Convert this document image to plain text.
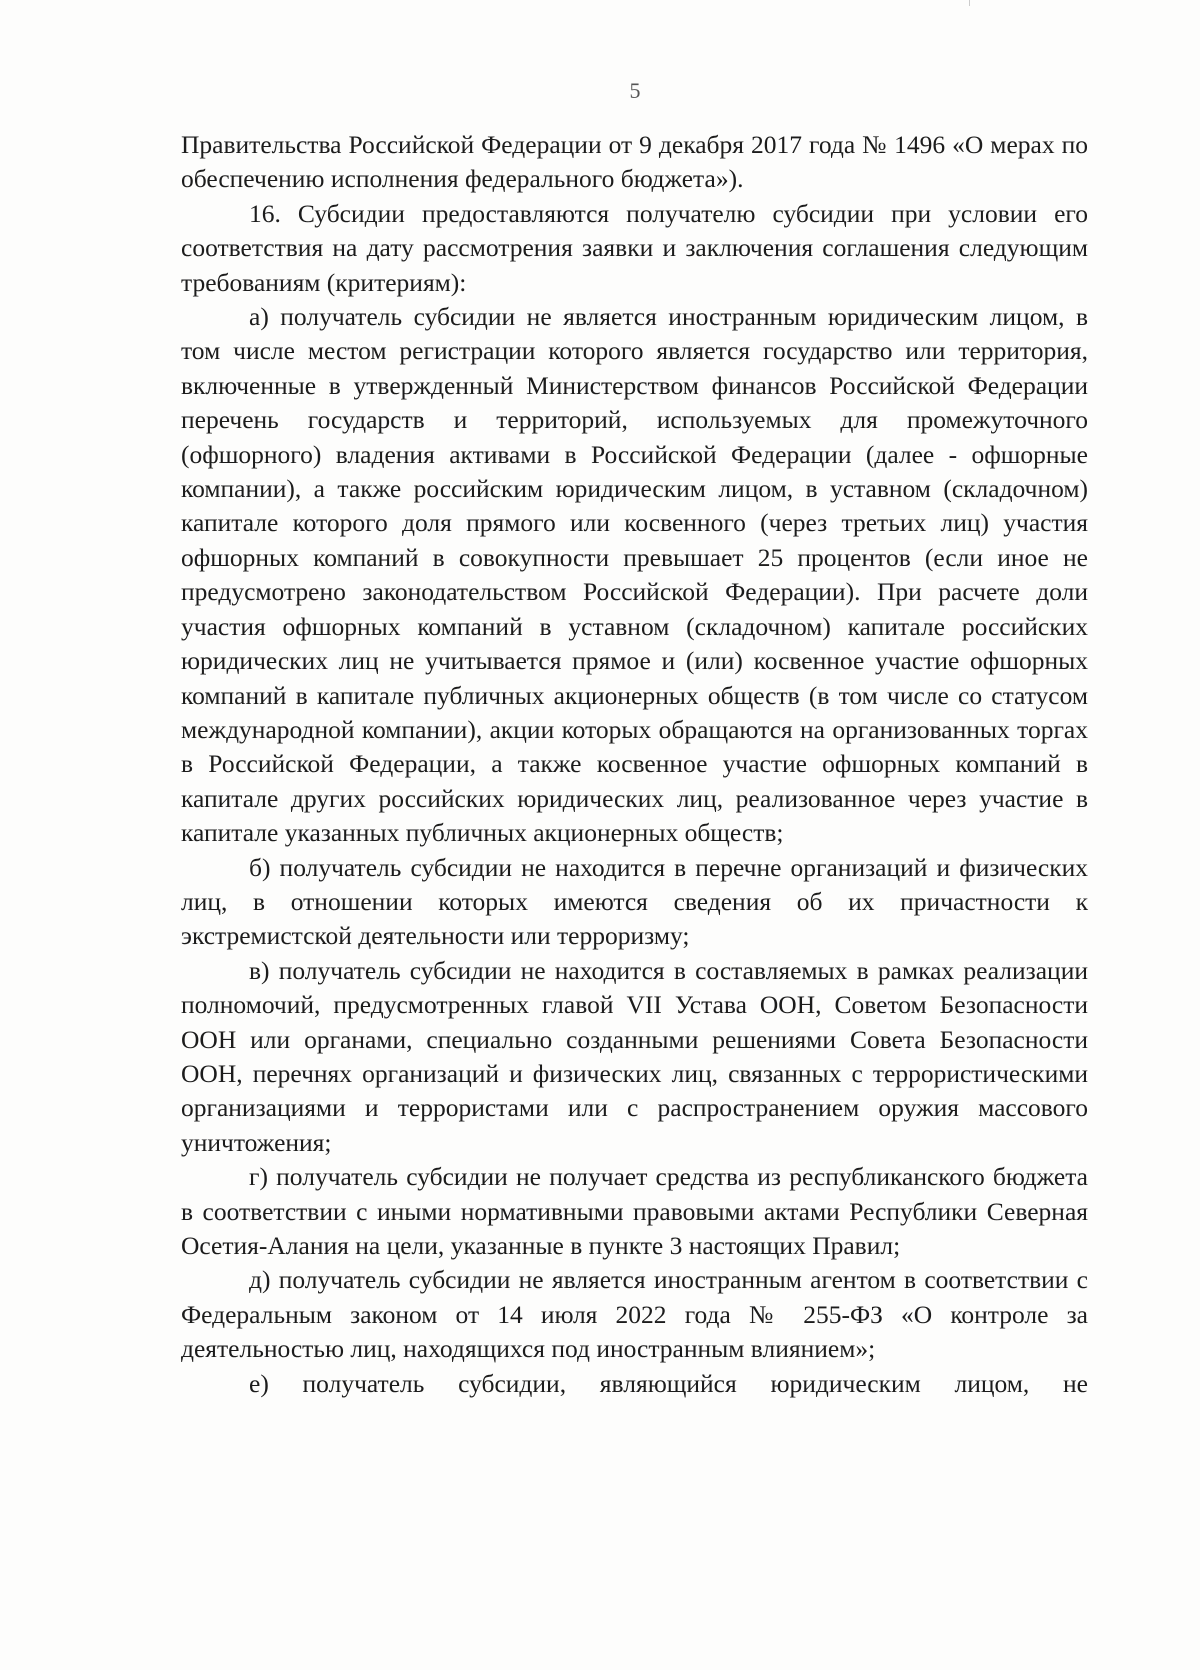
5

Правительства Российской Федерации от 9 декабря 2017 года № 1496 «О мерах по обеспечению исполнения федерального бюджета»).

16. Субсидии предоставляются получателю субсидии при условии его соответствия на дату рассмотрения заявки и заключения соглашения следующим требованиям (критериям):

а) получатель субсидии не является иностранным юридическим лицом, в том числе местом регистрации которого является государство или территория, включенные в утвержденный Министерством финансов Российской Федерации перечень государств и территорий, используемых для промежуточного (офшорного) владения активами в Российской Федерации (далее - офшорные компании), а также российским юридическим лицом, в уставном (складочном) капитале которого доля прямого или косвенного (через третьих лиц) участия офшорных компаний в совокупности превышает 25 процентов (если иное не предусмотрено законодательством Российской Федерации). При расчете доли участия офшорных компаний в уставном (складочном) капитале российских юридических лиц не учитывается прямое и (или) косвенное участие офшорных компаний в капитале публичных акционерных обществ (в том числе со статусом международной компании), акции которых обращаются на организованных торгах в Российской Федерации, а также косвенное участие офшорных компаний в капитале других российских юридических лиц, реализованное через участие в капитале указанных публичных акционерных обществ;

б) получатель субсидии не находится в перечне организаций и физических лиц, в отношении которых имеются сведения об их причастности к экстремистской деятельности или терроризму;

в) получатель субсидии не находится в составляемых в рамках реализации полномочий, предусмотренных главой VII Устава ООН, Советом Безопасности ООН или органами, специально созданными решениями Совета Безопасности ООН, перечнях организаций и физических лиц, связанных с террористическими организациями и террористами или с распространением оружия массового уничтожения;

г) получатель субсидии не получает средства из республиканского бюджета в соответствии с иными нормативными правовыми актами Республики Северная Осетия-Алания на цели, указанные в пункте 3 настоящих Правил;

д) получатель субсидии не является иностранным агентом в соответствии с Федеральным законом от 14 июля 2022 года № 255-ФЗ «О контроле за деятельностью лиц, находящихся под иностранным влиянием»;

е) получатель субсидии, являющийся юридическим лицом, не
